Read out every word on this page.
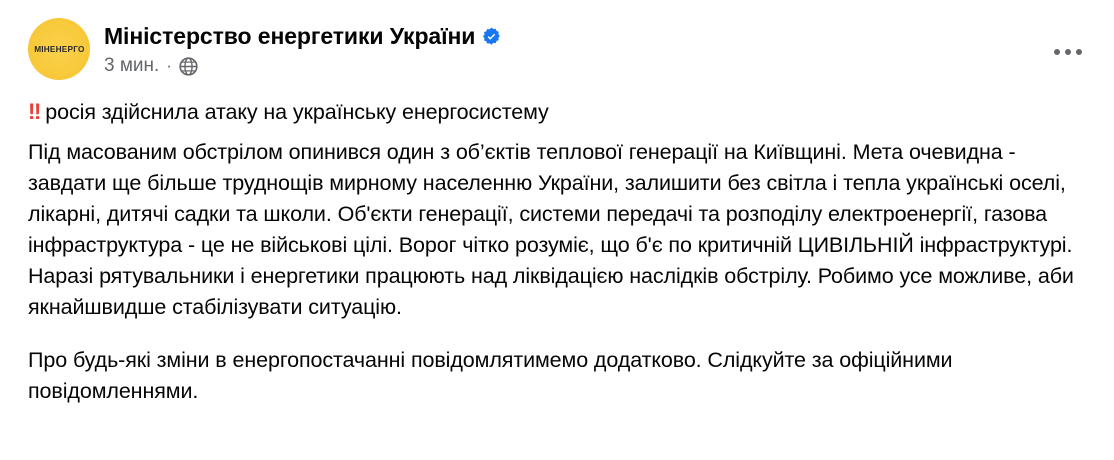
МІНЕНЕРГО Міністерство енергетики України
3 мин. ·
‼ росія здійснила атаку на українську енергосистему

Під масованим обстрілом опинився один з об’єктів теплової генерації на Київщині. Мета очевидна - завдати ще більше труднощів мирному населенню України, залишити без світла і тепла українські оселі, лікарні, дитячі садки та школи. Об'єкти генерації, системи передачі та розподілу електроенергії, газова інфраструктура - це не військові цілі. Ворог чітко розуміє, що б'є по критичній ЦИВІЛЬНІЙ інфраструктурі.

Наразі рятувальники і енергетики працюють над ліквідацією наслідків обстрілу. Робимо усе можливе, аби якнайшвидше стабілізувати ситуацію.

Про будь-які зміни в енергопостачанні повідомлятимемо додатково. Слідкуйте за офіційними повідомленнями.
